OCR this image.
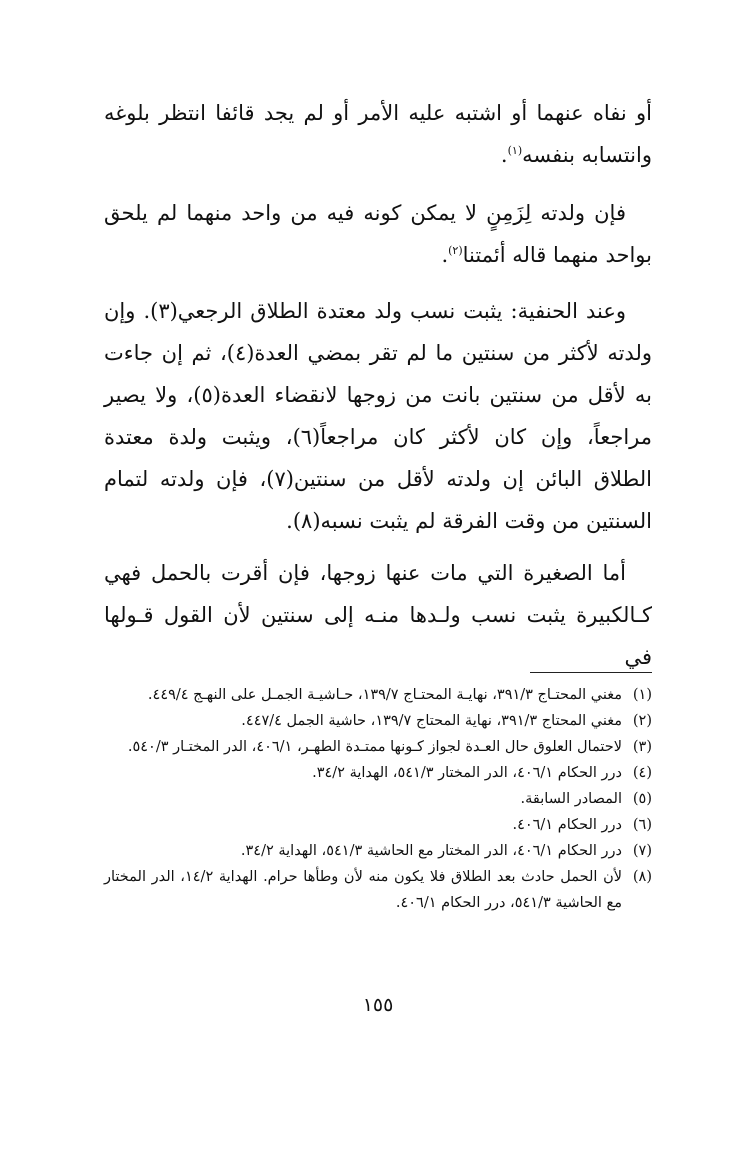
أو نفاه عنهما أو اشتبه عليه الأمر أو لم يجد قائفا انتظر بلوغه وانتسابه بنفسه$^{(١)}$.

فإن ولدته لِزَمِنٍ لا يمكن كونه فيه من واحد منهما لم يلحق بواحد منهما قاله أئمتنا$^{(٢)}$.

وعند الحنفية: يثبت نسب ولد معتدة الطلاق الرجعي(٣). وإن ولدته لأكثر من سنتين ما لم تقر بمضي العدة(٤)، ثم إن جاءت به لأقل من سنتين بانت من زوجها لانقضاء العدة(٥)، ولا يصير مراجعاً، وإن كان لأكثر كان مراجعاً(٦)، ويثبت ولدة معتدة الطلاق البائن إن ولدته لأقل من سنتين(٧)، فإن ولدته لتمام السنتين من وقت الفرقة لم يثبت نسبه(٨).

أما الصغيرة التي مات عنها زوجها، فإن أقرت بالحمل فهي كـالكبيرة يثبت نسب ولـدها منـه إلى سنتين لأن القول قـولها في

(١)مغني المحتـاج ٣٩١/٣، نهايـة المحتـاج ١٣٩/٧، حـاشيـة الجمـل على النهـج ٤٤٩/٤.

(٢)مغني المحتاج ٣٩١/٣، نهاية المحتاج ١٣٩/٧، حاشية الجمل ٤٤٧/٤.

(٣)لاحتمال العلوق حال العـدة لجواز كـونها ممتـدة الطهـر، ٤٠٦/١، الدر المختـار ٥٤٠/٣.

(٤)درر الحكام ٤٠٦/١، الدر المختار ٥٤١/٣، الهداية ٣٤/٢.

(٥)المصادر السابقة.

(٦)درر الحكام ٤٠٦/١.

(٧)درر الحكام ٤٠٦/١، الدر المختار مع الحاشية ٥٤١/٣، الهداية ٣٤/٢.

(٨)لأن الحمل حادث بعد الطلاق فلا يكون منه لأن وطأها حرام. الهداية ١٤/٢، الدر المختار مع الحاشية ٥٤١/٣، درر الحكام ٤٠٦/١.

١٥٥
